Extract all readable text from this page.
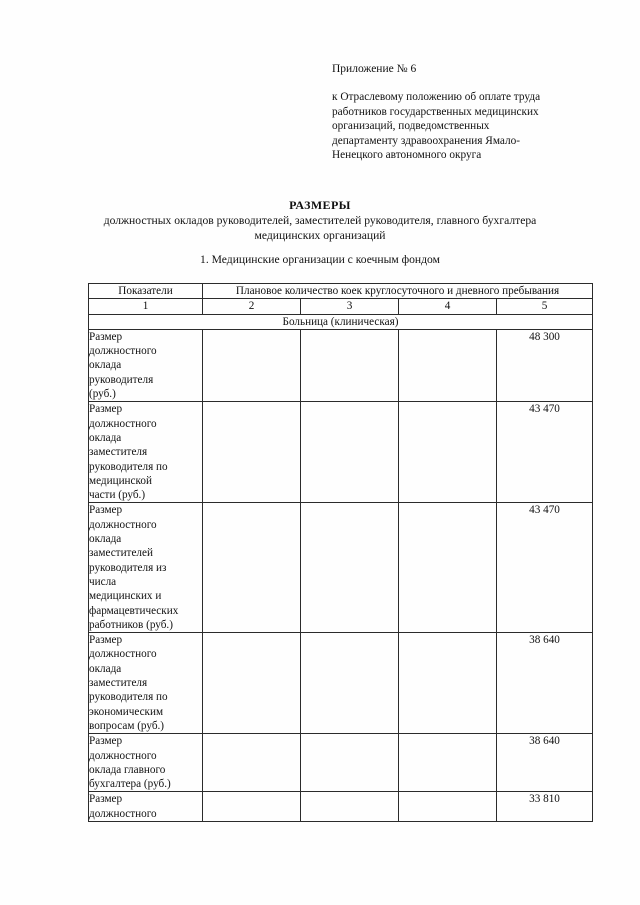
Приложение № 6
к Отраслевому положению об оплате труда
работников государственных медицинских
организаций, подведомственных
департаменту здравоохранения Ямало-
Ненецкого автономного округа
РАЗМЕРЫ
должностных окладов руководителей, заместителей руководителя, главного бухгалтера
медицинских организаций
1. Медицинские организации с коечным фондом
Показатели	Плановое количество коек круглосуточного и дневного пребывания			
1	2	3	4	5
Больница (клиническая)				

Размер
должностного
оклада
руководителя
(руб.)				48 300

Размер
должностного
оклада
заместителя
руководителя по
медицинской
части (руб.)
				43 470

Размер
должностного
оклада
заместителей
руководителя из
числа
медицинских и
фармацевтических
работников (руб.)
				43 470

Размер
должностного
оклада
заместителя
руководителя по
экономическим
вопросам (руб.)
				38 640

Размер
должностного
оклада главного
бухгалтера (руб.)				38 640

Размер
должностного				33 810
